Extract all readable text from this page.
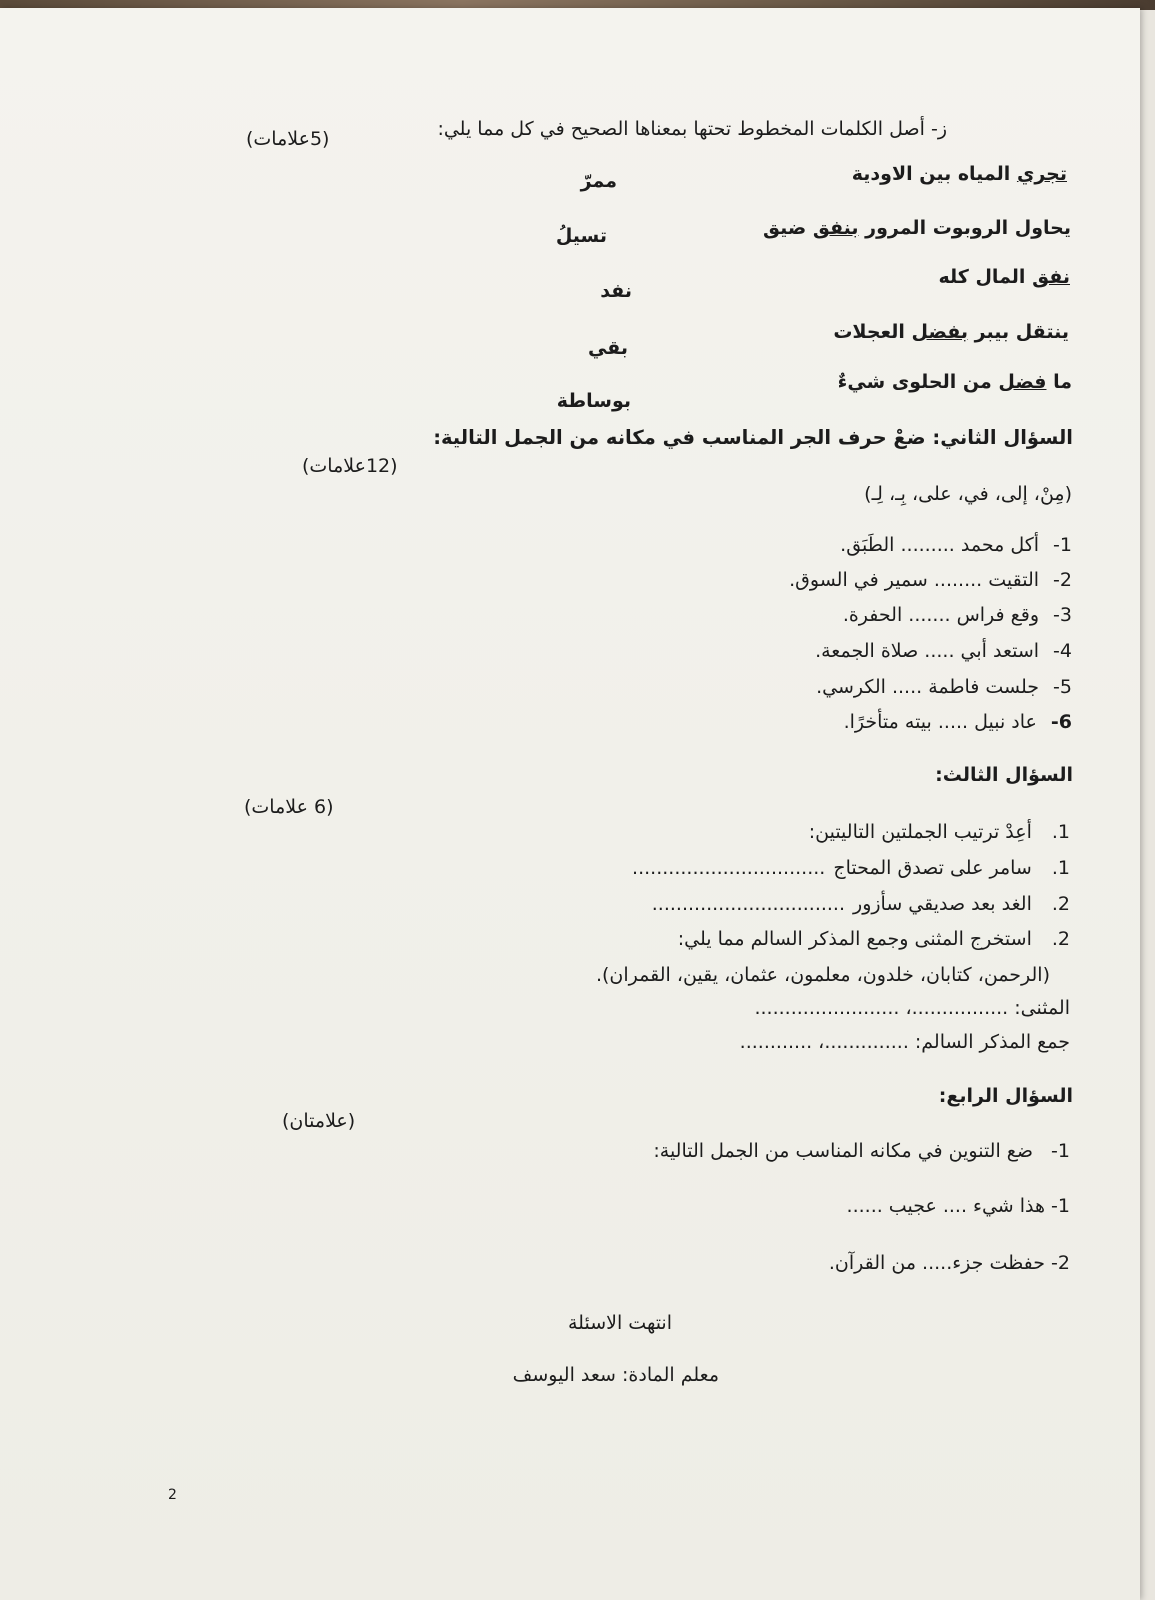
ز- أصل الكلمات المخطوط تحتها بمعناها الصحيح في كل مما يلي:
(5علامات)
تجري المياه بين الاودية
ممرّ
يحاول الروبوت المرور بنفق ضيق
تسيلُ
نفق المال كله
نفد
ينتقل بيبر بفضل العجلات
بقي
ما فضل من الحلوى شيءٌ
بوساطة
السؤال الثاني: ضعْ حرف الجر المناسب في مكانه من الجمل التالية:
(12علامات)
(مِنْ، إلى، في، على، بِـ، لِـ)
1-أكل محمد ......... الطَبَق.
2-التقيت ........ سمير في السوق.
3-وقع فراس ....... الحفرة.
4-استعد أبي ..... صلاة الجمعة.
5-جلست فاطمة ..... الكرسي.
6-عاد نبيل ..... بيته متأخرًا.
السؤال الثالث:
(6 علامات)
1.أعِدْ ترتيب الجملتين التاليتين:
1.سامر على تصدق المحتاج................................
2.الغد بعد صديقي سأزور................................
2.استخرج المثنى وجمع المذكر السالم مما يلي:
(الرحمن، كتابان، خلدون، معلمون، عثمان، يقين، القمران).
المثنى:................، ........................
جمع المذكر السالم:..............، ............
السؤال الرابع:
(علامتان)
1-ضع التنوين في مكانه المناسب من الجمل التالية:
1-هذا شيء .... عجيب ......
2-حفظت جزء..... من القرآن.
انتهت الاسئلة
معلم المادة: سعد اليوسف
2
